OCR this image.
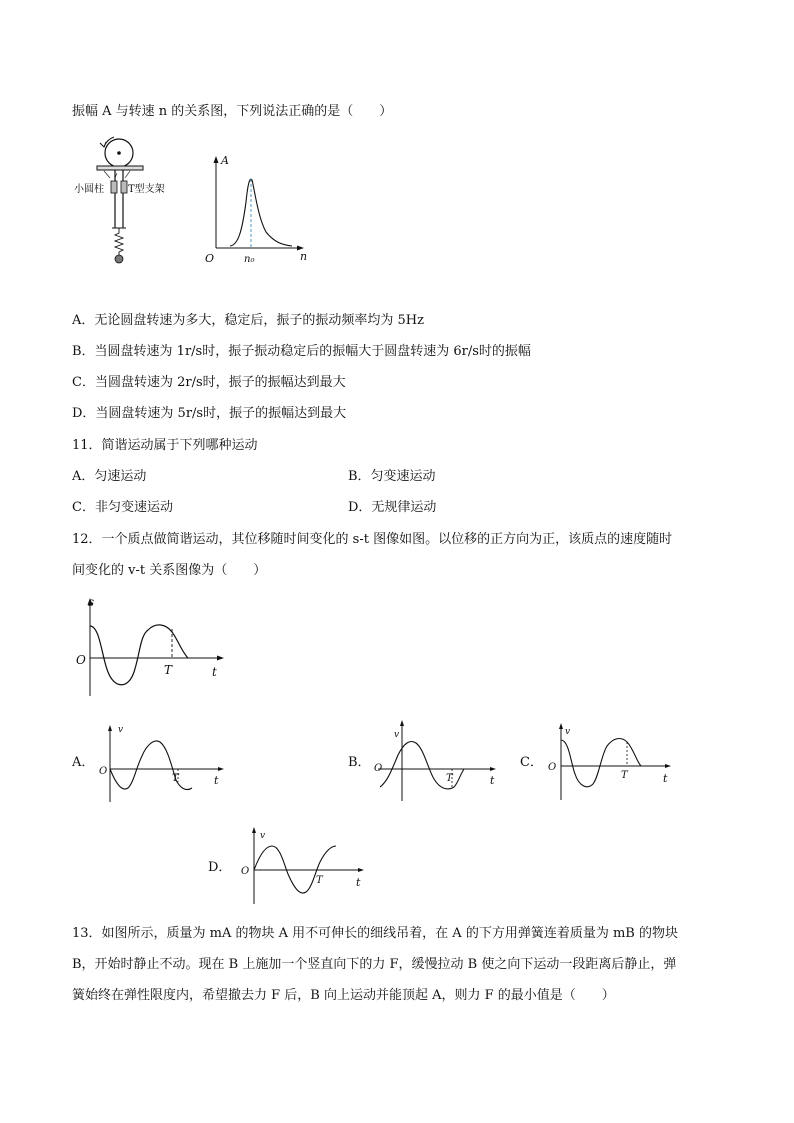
振幅 A 与转速 n 的关系图，下列说法正确的是（　　）
小圆柱 T型支架
A
n
O	n₀
A．无论圆盘转速为多大，稳定后，振子的振动频率均为 5Hz
B．当圆盘转速为 1r/s时，振子振动稳定后的振幅大于圆盘转速为 6r/s时的振幅
C．当圆盘转速为 2r/s时，振子的振幅达到最大
D．当圆盘转速为 5r/s时，振子的振幅达到最大
11．简谐运动属于下列哪种运动
A．匀速运动	B．匀变速运动
C．非匀变速运动	D．无规律运动
12．一个质点做简谐运动，其位移随时间变化的 s-t 图像如图。以位移的正方向为正，该质点的速度随时
间变化的 v-t 关系图像为（　　）
s
O
T	t
A．
v
O
T	t
B．
v
O
T	t
C．
v
O
T	t
D．
v
O
T	t
13．如图所示，质量为 mA 的物块 A 用不可伸长的细线吊着，在 A 的下方用弹簧连着质量为 mB 的物块
B，开始时静止不动。现在 B 上施加一个竖直向下的力 F，缓慢拉动 B 使之向下运动一段距离后静止，弹
簧始终在弹性限度内，希望撤去力 F 后，B 向上运动并能顶起 A，则力 F 的最小值是（　　）
